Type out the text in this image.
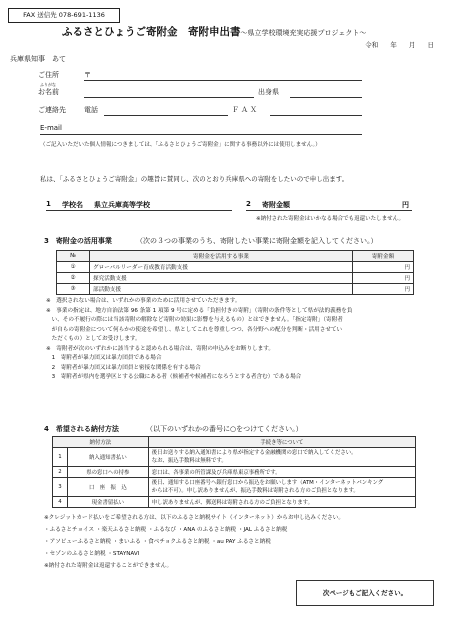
FAX 送信先 078-691-1136
ふるさとひょうご寄附金　寄附申出書～県立学校環境充実応援プロジェクト～
令和 年 月 日
兵庫県知事　あて
ご住所	〒
ふりがな
お名前	出身県
ご連絡先	電話	ＦＡＸ
E-mail
（ご記入いただいた個人情報につきましては、「ふるさとひょうご寄附金」に関する事務以外には使用しません。）
私は、「ふるさとひょうご寄附金」の趣旨に賛同し、次のとおり兵庫県への寄附をしたいので申し出ます。
1 学校名 県立兵庫高等学校	2 寄附金額	円
※納付された寄附金はいかなる場合でも返還いたしません。
3　寄附金の活用事業	（次の３つの事業のうち、寄附したい事業に寄附金額を記入してください。）
№	寄附金を活用する事業	寄附金額
①	グローバルリーダー育成教育活動支援	円
②	探究活動支援	円
③	部活動支援	円
※　選択されない場合は、いずれかの事業のために活用させていただきます。
※　事業の指定は、地方自治法第 96 条第 1 項第 9 号に定める「負担付きの寄附」（寄附の条件等として県が法的義務を負
　い、その不履行の際には当該寄附の解除など寄附の効果に影響を与えるもの）とはできません。「指定寄附」（寄附者
　が自らの寄附金について何らかの使途を希望し、県としてこれを尊重しつつ、各分野への配分を判断・活用させてい
　ただくもの）としてお受けします。
※　寄附者が次のいずれかに該当すると認められる場合は、寄附の申込みをお断りします。
　1　寄附者が暴力団又は暴力団員である場合
　2　寄附者が暴力団又は暴力団員と密接な関係を有する場合
　3　寄附者が県内を選挙区とする公職にある者（候補者や候補者になろうとする者含む）である場合
4　希望される納付方法	（以下のいずれかの番号に○をつけてください。）
納付方法		手続き等について
1	納入通知書払い	後日お送りする納入通知書により県が指定する金融機関の窓口で納入してください。
なお、振込手数料は無料です。

2	県の窓口への持参	窓口は、各事業の所管課及び兵庫県東京事務所です。

3	口　座　振　込	後日、通知する口座番号へ銀行窓口から振込をお願いします（ATM・インターネットバンキング
からは不可）。申し訳ありませんが、振込手数料は寄附される方のご負担となります。

4	現金書留払い	申し訳ありませんが、郵送料は寄附される方のご負担となります。
※クレジットカード払いをご希望される方は、以下のふるさと納税サイト（インターネット）からお申し込みください。
・ふるさとチョイス ・楽天ふるさと納税 ・ふるなび ・ANA のふるさと納税 ・JAL ふるさと納税
・アソビューふるさと納税 ・まいふる ・食べチョクふるさと納税 ・au PAY ふるさと納税
・セゾンのふるさと納税 ・STAYNAVI
※納付された寄附金は返還することができません。
次ページもご記入ください。
